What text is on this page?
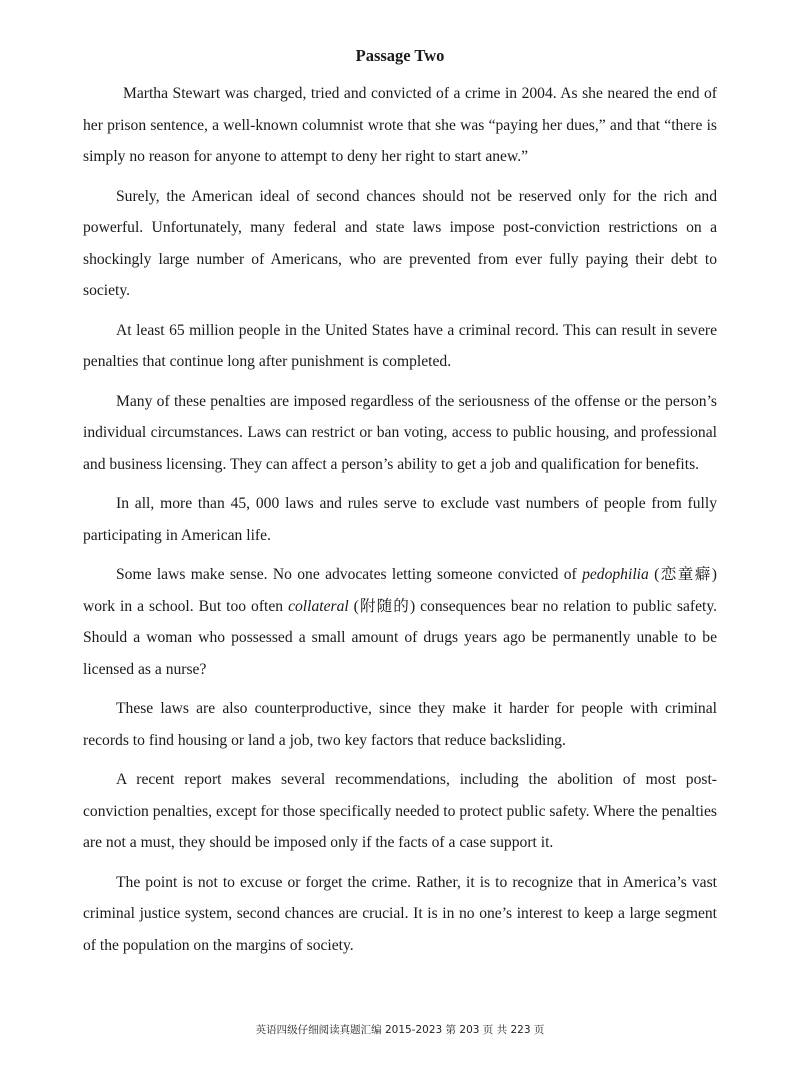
Passage Two

Martha Stewart was charged, tried and convicted of a crime in 2004. As she neared the end of her prison sentence, a well-known columnist wrote that she was “paying her dues,” and that “there is simply no reason for anyone to attempt to deny her right to start anew.”

Surely, the American ideal of second chances should not be reserved only for the rich and powerful. Unfortunately, many federal and state laws impose post-conviction restrictions on a shockingly large number of Americans, who are prevented from ever fully paying their debt to society.

At least 65 million people in the United States have a criminal record. This can result in severe penalties that continue long after punishment is completed.

Many of these penalties are imposed regardless of the seriousness of the offense or the person’s individual circumstances. Laws can restrict or ban voting, access to public housing, and professional and business licensing. They can affect a person’s ability to get a job and qualification for benefits.

In all, more than 45, 000 laws and rules serve to exclude vast numbers of people from fully participating in American life.

Some laws make sense. No one advocates letting someone convicted of pedophilia (恋童癖) work in a school. But too often collateral (附随的) consequences bear no relation to public safety. Should a woman who possessed a small amount of drugs years ago be permanently unable to be licensed as a nurse?

These laws are also counterproductive, since they make it harder for people with criminal records to find housing or land a job, two key factors that reduce backsliding.

A recent report makes several recommendations, including the abolition of most post-conviction penalties, except for those specifically needed to protect public safety. Where the penalties are not a must, they should be imposed only if the facts of a case support it.

The point is not to excuse or forget the crime. Rather, it is to recognize that in America’s vast criminal justice system, second chances are crucial. It is in no one’s interest to keep a large segment of the population on the margins of society.

英语四级仔细阅读真题汇编 2015-2023 第 203 页 共 223 页
